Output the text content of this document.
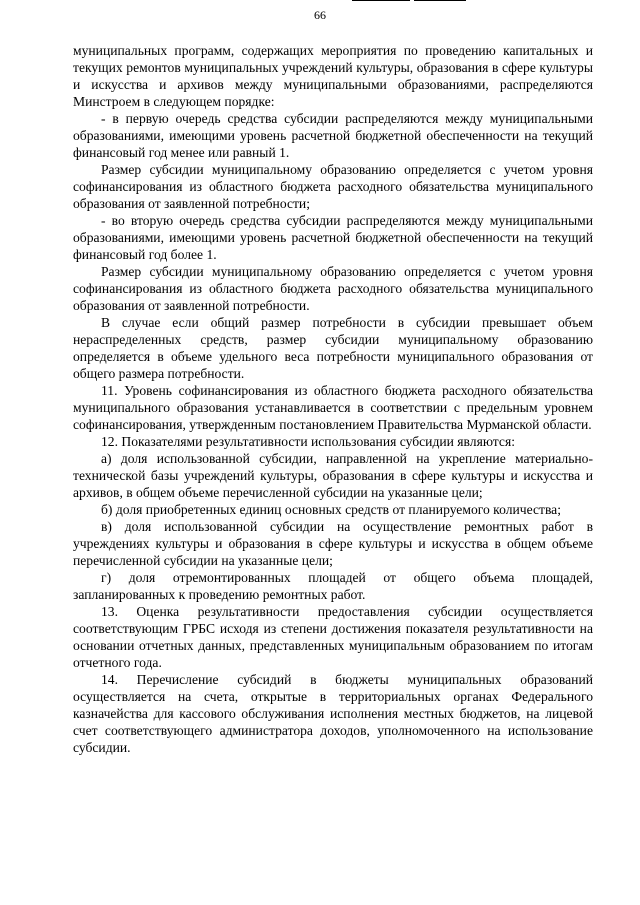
66

муниципальных программ, содержащих мероприятия по проведению капитальных и текущих ремонтов муниципальных учреждений культуры, образования в сфере культуры и искусства и архивов между муниципальными образованиями, распределяются Минстроем в следующем порядке:

- в первую очередь средства субсидии распределяются между муниципальными образованиями, имеющими уровень расчетной бюджетной обеспеченности на текущий финансовый год менее или равный 1.

Размер субсидии муниципальному образованию определяется с учетом уровня софинансирования из областного бюджета расходного обязательства муниципального образования от заявленной потребности;

- во вторую очередь средства субсидии распределяются между муниципальными образованиями, имеющими уровень расчетной бюджетной обеспеченности на текущий финансовый год более 1.

Размер субсидии муниципальному образованию определяется с учетом уровня софинансирования из областного бюджета расходного обязательства муниципального образования от заявленной потребности.

В случае если общий размер потребности в субсидии превышает объем нераспределенных средств, размер субсидии муниципальному образованию определяется в объеме удельного веса потребности муниципального образования от общего размера потребности.

11. Уровень софинансирования из областного бюджета расходного обязательства муниципального образования устанавливается в соответствии с предельным уровнем софинансирования, утвержденным постановлением Правительства Мурманской области.

12. Показателями результативности использования субсидии являются:

а) доля использованной субсидии, направленной на укрепление материально-технической базы учреждений культуры, образования в сфере культуры и искусства и архивов, в общем объеме перечисленной субсидии на указанные цели;

б) доля приобретенных единиц основных средств от планируемого количества;

в) доля использованной субсидии на осуществление ремонтных работ в учреждениях культуры и образования в сфере культуры и искусства в общем объеме перечисленной субсидии на указанные цели;

г) доля отремонтированных площадей от общего объема площадей, запланированных к проведению ремонтных работ.

13. Оценка результативности предоставления субсидии осуществляется соответствующим ГРБС исходя из степени достижения показателя результативности на основании отчетных данных, представленных муниципальным образованием по итогам отчетного года.

14. Перечисление субсидий в бюджеты муниципальных образований осуществляется на счета, открытые в территориальных органах Федерального казначейства для кассового обслуживания исполнения местных бюджетов, на лицевой счет соответствующего администратора доходов, уполномоченного на использование субсидии.
